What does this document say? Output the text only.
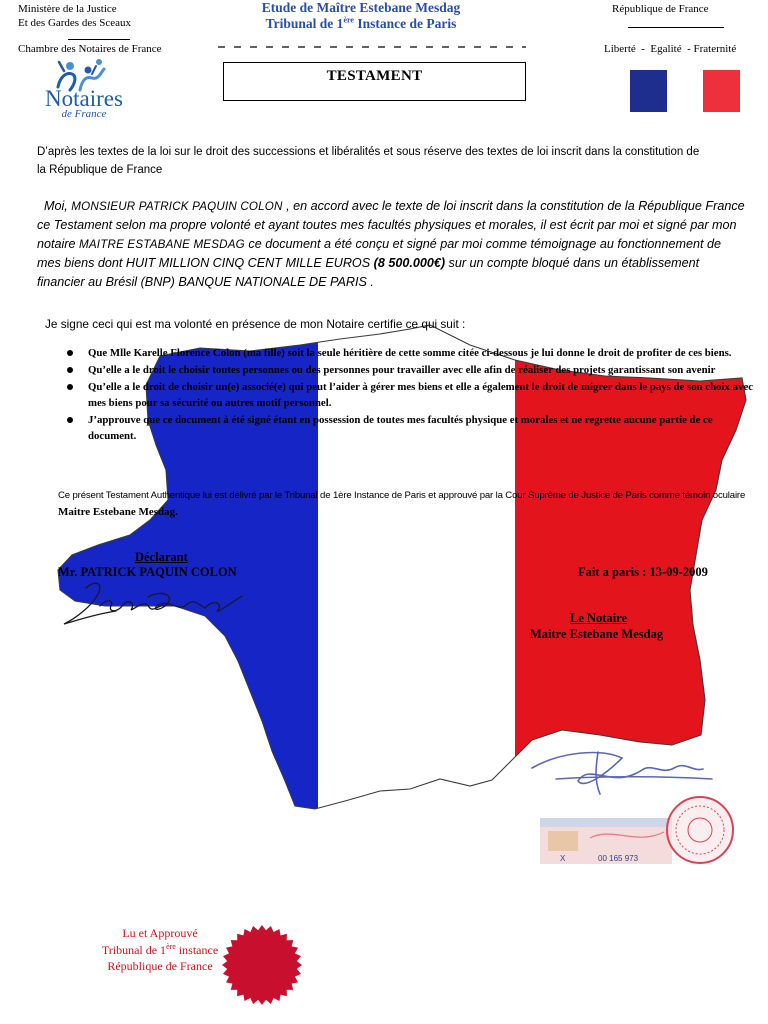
X	00 165 973
Ministère de la Justice
Et des Gardes des Sceaux
Chambre des Notaires de France
Etude de Maître Estebane Mesdag
Tribunal de 1ère Instance de Paris
République de France
Liberté  -  Egalité  - Fraternité
Notaires
de France
TESTAMENT

D’après les textes de la loi sur le droit des successions et libéralités et sous réserve des textes de loi inscrit dans la constitution de la République de France

Moi, MONSIEUR PATRICK PAQUIN COLON , en accord avec le texte de loi inscrit dans la constitution de la République France ce Testament selon ma propre volonté et ayant toutes mes facultés physiques et morales, il est écrit par moi et signé par mon notaire MAITRE ESTABANE MESDAG ce document a été conçu et signé par moi comme témoignage au fonctionnement de mes biens dont HUIT MILLION CINQ CENT MILLE EUROS (8 500.000€) sur un compte bloqué dans un établissement financier au Brésil (BNP) BANQUE NATIONALE DE PARIS .

Je signe ceci qui est ma volonté en présence de mon Notaire certifie ce qui suit :

Que Mlle Karelle Florence Colon (ma fille) soit la seule héritière de cette somme citée ci-dessous je lui donne le droit de profiter de ces biens.
Qu’elle a le droit le choisir toutes personnes ou des personnes pour travailler avec elle afin de réaliser des projets garantissant son avenir
Qu’elle a le droit de choisir un(e) associé(e) qui peut l’aider à gérer mes biens et elle a également le droit de migrer dans le pays de son choix avec mes biens pour sa sécurité ou autres motif personnel.
J’approuve que ce document à été signé étant en possession de toutes mes facultés physique et morales et ne regrette aucune partie de ce document.

Ce présent Testament Authentique lui est délivré par le Tribunal de 1ère Instance de Paris et approuvé par la Cour Suprême de Justice de Paris comme témoin oculaire Maitre Estebane Mesdag.

Déclarant
Mr. PATRICK PAQUIN COLON	Fait a paris : 13-09-2009
Le Notaire
Maitre Estebane Mesdag
Lu et Approuvé
Tribunal de 1ère instance
République de France
